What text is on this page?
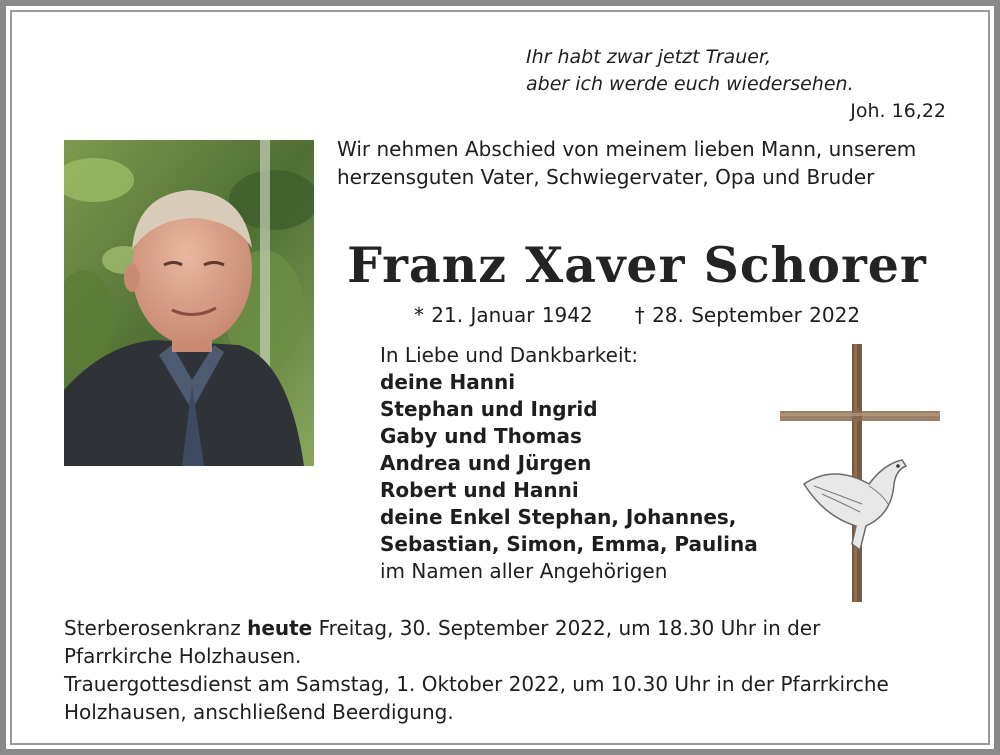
Ihr habt zwar jetzt Trauer,
aber ich werde euch wiedersehen.
Joh. 16,22
Wir nehmen Abschied von meinem lieben Mann, unserem herzensguten Vater, Schwiegervater, Opa und Bruder
Franz Xaver Schorer
* 21. Januar 1942 † 28. September 2022
In Liebe und Dankbarkeit:
deine Hanni
Stephan und Ingrid
Gaby und Thomas
Andrea und Jürgen
Robert und Hanni
deine Enkel Stephan, Johannes,
Sebastian, Simon, Emma, Paulina
im Namen aller Angehörigen
Sterberosenkranz heute Freitag, 30. September 2022, um 18.30 Uhr in der
Pfarrkirche Holzhausen.
Trauergottesdienst am Samstag, 1. Oktober 2022, um 10.30 Uhr in der Pfarrkirche
Holzhausen, anschließend Beerdigung.
